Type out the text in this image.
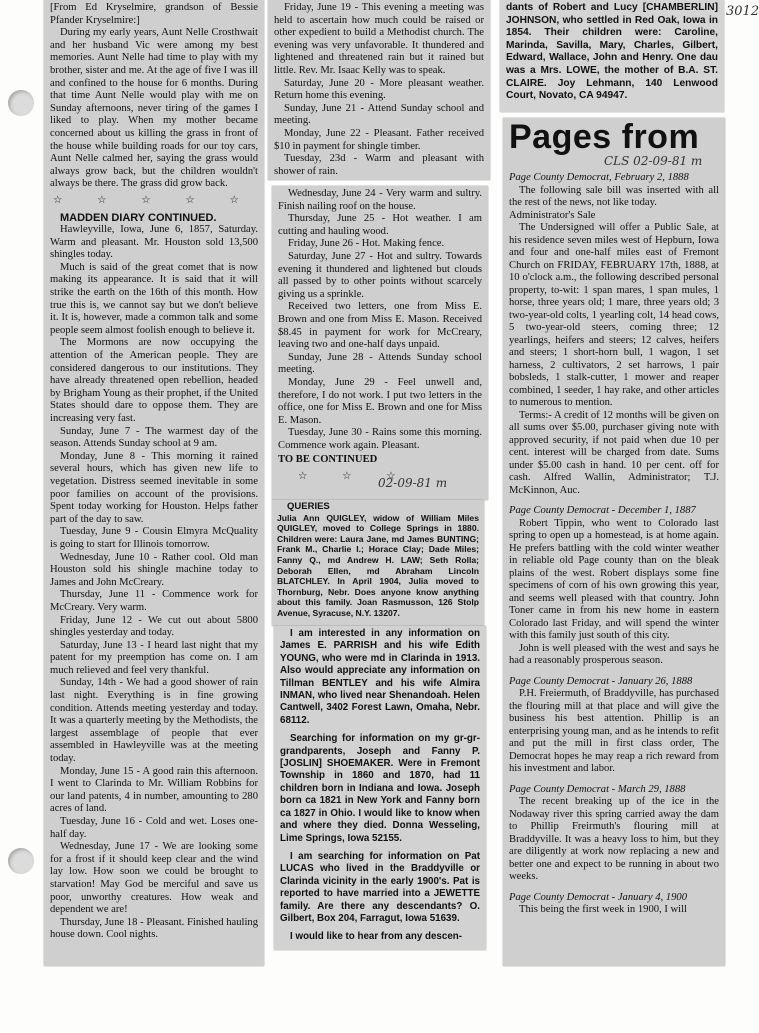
[From Ed Kryselmire, grandson of Bessie Pfander Kryselmire:]

During my early years, Aunt Nelle Crosthwait and her husband Vic were among my best memories. Aunt Nelle had time to play with my brother, sister and me. At the age of five I was ill and confined to the house for 6 months. During that time Aunt Nelle would play with me on Sunday afternoons, never tiring of the games I liked to play. When my mother became concerned about us killing the grass in front of the house while building roads for our toy cars, Aunt Nelle calmed her, saying the grass would always grow back, but the children wouldn't always be there. The grass did grow back.

☆ ☆ ☆ ☆ ☆

MADDEN DIARY CONTINUED.

Hawleyville, Iowa, June 6, 1857, Saturday. Warm and pleasant. Mr. Houston sold 13,500 shingles today.

Much is said of the great comet that is now making its appearance. It is said that it will strike the earth on the 16th of this month. How true this is, we cannot say but we don't believe it. It is, however, made a common talk and some people seem almost foolish enough to believe it.

The Mormons are now occupying the attention of the American people. They are considered dangerous to our institutions. They have already threatened open rebellion, headed by Brigham Young as their prophet, if the United States should dare to oppose them. They are increasing very fast.

Sunday, June 7 - The warmest day of the season. Attends Sunday school at 9 am.

Monday, June 8 - This morning it rained several hours, which has given new life to vegetation. Distress seemed inevitable in some poor families on account of the provisions. Spent today working for Houston. Helps father part of the day to saw.

Tuesday, June 9 - Cousin Elmyra McQuality is going to start for Illinois tomorrow.

Wednesday, June 10 - Rather cool. Old man Houston sold his shingle machine today to James and John McCreary.

Thursday, June 11 - Commence work for McCreary. Very warm.

Friday, June 12 - We cut out about 5800 shingles yesterday and today.

Saturday, June 13 - I heard last night that my patent for my preemption has come on. I am much relieved and feel very thankful.

Sunday, 14th - We had a good shower of rain last night. Everything is in fine growing condition. Attends meeting yesterday and today. It was a quarterly meeting by the Methodists, the largest assemblage of people that ever assembled in Hawleyville was at the meeting today.

Monday, June 15 - A good rain this afternoon. I went to Clarinda to Mr. William Robbins for our land patents, 4 in number, amounting to 280 acres of land.

Tuesday, June 16 - Cold and wet. Loses one-half day.

Wednesday, June 17 - We are looking some for a frost if it should keep clear and the wind lay low. How soon we could be brought to starvation! May God be merciful and save us poor, unworthy creatures. How weak and dependent we are!

Thursday, June 18 - Pleasant. Finished hauling house down. Cool nights.

Friday, June 19 - This evening a meeting was held to ascertain how much could be raised or other expedient to build a Methodist church. The evening was very unfavorable. It thundered and lightened and threatened rain but it rained but little. Rev. Mr. Isaac Kelly was to speak.

Saturday, June 20 - More pleasant weather. Return home this evening.

Sunday, June 21 - Attend Sunday school and meeting.

Monday, June 22 - Pleasant. Father received $10 in payment for shingle timber.

Tuesday, 23d - Warm and pleasant with shower of rain.

Wednesday, June 24 - Very warm and sultry. Finish nailing roof on the house.

Thursday, June 25 - Hot weather. I am cutting and hauling wood.

Friday, June 26 - Hot. Making fence.

Saturday, June 27 - Hot and sultry. Towards evening it thundered and lightened but clouds all passed by to other points without scarcely giving us a sprinkle.

Received two letters, one from Miss E. Brown and one from Miss E. Mason. Received $8.45 in payment for work for McCreary, leaving two and one-half days unpaid.

Sunday, June 28 - Attends Sunday school meeting.

Monday, June 29 - Feel unwell and, therefore, I do not work. I put two letters in the office, one for Miss E. Brown and one for Miss E. Mason.

Tuesday, June 30 - Rains some this morning. Commence work again. Pleasant.

TO BE CONTINUED

☆ ☆ ☆

QUERIES

Julia Ann QUIGLEY, widow of William Miles QUIGLEY, moved to College Springs in 1880. Children were: Laura Jane, md James BUNTING; Frank M., Charlie I.; Horace Clay; Dade Miles; Fanny Q., md Andrew H. LAW; Seth Rolla; Deborah Ellen, md Abraham Lincoln BLATCHLEY. In April 1904, Julia moved to Thornburg, Nebr. Does anyone know anything about this family. Joan Rasmusson, 126 Stolp Avenue, Syracuse, N.Y. 13207.

I am interested in any information on James E. PARRISH and his wife Edith YOUNG, who were md in Clarinda in 1913. Also would appreciate any information on Tillman BENTLEY and his wife Almira INMAN, who lived near Shenandoah. Helen Cantwell, 3402 Forest Lawn, Omaha, Nebr. 68112.

Searching for information on my gr-gr-grandparents, Joseph and Fanny P. [JOSLIN] SHOEMAKER. Were in Fremont Township in 1860 and 1870, had 11 children born in Indiana and Iowa. Joseph born ca 1821 in New York and Fanny born ca 1827 in Ohio. I would like to know when and where they died. Donna Wesseling, Lime Springs, Iowa 52155.

I am searching for information on Pat LUCAS who lived in the Braddyville or Clarinda vicinity in the early 1900's. Pat is reported to have married into a JEWETTE family. Are there any descendants? O. Gilbert, Box 204, Farragut, Iowa 51639.

I would like to hear from any descen-

dants of Robert and Lucy [CHAMBERLIN] JOHNSON, who settled in Red Oak, Iowa in 1854. Their children were: Caroline, Marinda, Savilla, Mary, Charles, Gilbert, Edward, Wallace, John and Henry. One dau was a Mrs. LOWE, the mother of B.A. ST. CLAIRE. Joy Lehmann, 140 Lenwood Court, Novato, CA 94947.

Pages from

Page County Democrat, February 2, 1888

The following sale bill was inserted with all the rest of the news, not like today.

Administrator's Sale

The Undersigned will offer a Public Sale, at his residence seven miles west of Hepburn, Iowa and four and one-half miles east of Fremont Church on FRIDAY, FEBRUARY 17th, 1888, at 10 o'clock a.m., the following described personal property, to-wit: 1 span mares, 1 span mules, 1 horse, three years old; 1 mare, three years old; 3 two-year-old colts, 1 yearling colt, 14 head cows, 5 two-year-old steers, coming three; 12 yearlings, heifers and steers; 12 calves, heifers and steers; 1 short-horn bull, 1 wagon, 1 set harness, 2 cultivators, 2 set harrows, 1 pair bobsleds, 1 stalk-cutter, 1 mower and reaper combined, 1 seeder, 1 hay rake, and other articles to numerous to mention.

Terms:- A credit of 12 months will be given on all sums over $5.00, purchaser giving note with approved security, if not paid when due 10 per cent. interest will be charged from date. Sums under $5.00 cash in hand. 10 per cent. off for cash. Alfred Wallin, Administrator; T.J. McKinnon, Auc.

Page County Democrat - December 1, 1887

Robert Tippin, who went to Colorado last spring to open up a homestead, is at home again. He prefers battling with the cold winter weather in reliable old Page county than on the bleak plains of the west. Robert displays some fine specimens of corn of his own growing this year, and seems well pleased with that country. John Toner came in from his new home in eastern Colorado last Friday, and will spend the winter with this family just south of this city.

John is well pleased with the west and says he had a reasonably prosperous season.

Page County Democrat - January 26, 1888

P.H. Freiermuth, of Braddyville, has purchased the flouring mill at that place and will give the business his best attention. Phillip is an enterprising young man, and as he intends to refit and put the mill in first class order, The Democrat hopes he may reap a rich reward from his investment and labor.

Page County Democrat - March 29, 1888

The recent breaking up of the ice in the Nodaway river this spring carried away the dam to Phillip Freirmuth's flouring mill at Braddyville. It was a heavy loss to him, but they are diligently at work now replacing a new and better one and expect to be running in about two weeks.

Page County Democrat - January 4, 1900

This being the first week in 1900, I will

3012
CLS 02-09-81 m
02-09-81 m
